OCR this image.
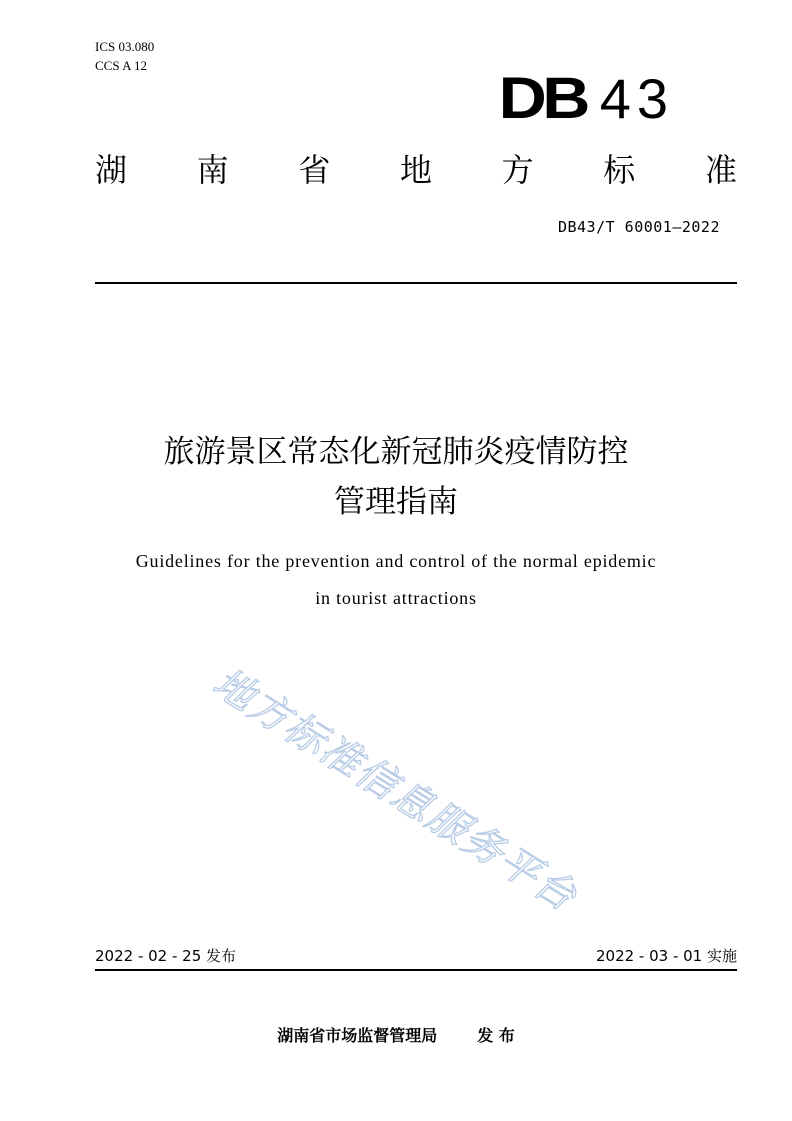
ICS 03.080
CCS A 12
DB 43
湖 南 省 地 方 标 准
DB43/T 60001—2022
旅游景区常态化新冠肺炎疫情防控
管理指南
Guidelines for the prevention and control of the normal epidemic
in tourist attractions
地方标准信息服务平台
2022 - 02 - 25 发布	2022 - 03 - 01 实施
湖南省市场监督管理局	发 布
